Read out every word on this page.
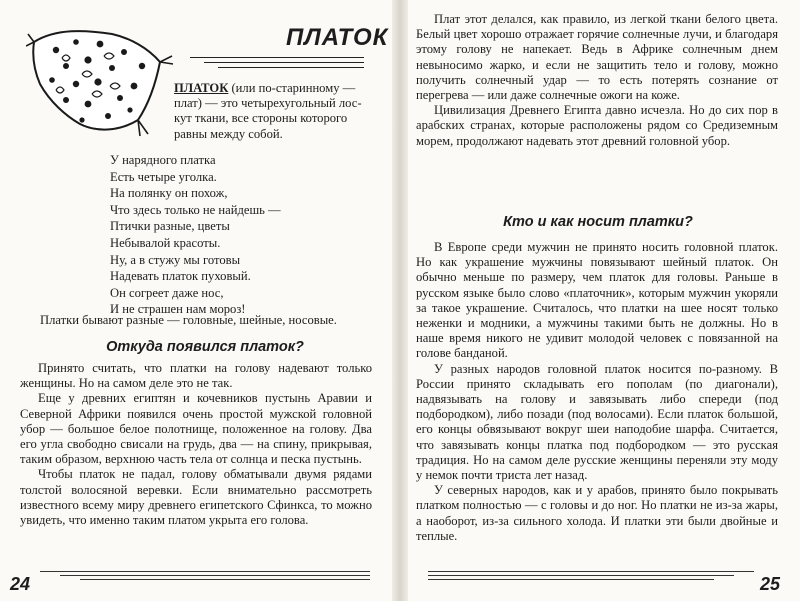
ПЛАТОК

ПЛАТОК (или по-старинному —

плат) — это четырехугольный лос-

кут ткани, все стороны которого

равны между собой.

У нарядного платка
Есть четыре уголка.
На полянку он похож,
Что здесь только не найдешь —
Птички разные, цветы
Небывалой красоты.
Ну, а в стужу мы готовы
Надевать платок пуховый.
Он согреет даже нос,
И не страшен нам мороз!

Платки бывают разные — головные, шейные, носовые.

Откуда появился платок?

Принято считать, что платки на голову надевают только женщины. Но на самом деле это не так.

Еще у древних египтян и кочевников пустынь Аравии и Северной Африки появился очень простой мужской головной убор — большое белое полотнище, положенное на голову. Два его угла свободно свисали на грудь, два — на спину, прикрывая, таким образом, верхнюю часть тела от солнца и песка пустынь.

Чтобы платок не падал, голову обматывали двумя рядами толстой волосяной веревки. Если внимательно рассмотреть известного всему миру древнего египетского Сфинкса, то можно увидеть, что именно таким платом укрыта его голова.

24

Плат этот делался, как правило, из легкой ткани белого цвета. Белый цвет хорошо отражает горячие солнечные лучи, и благодаря этому голову не напекает. Ведь в Африке солнечным днем невыносимо жарко, и если не защитить тело и голову, можно получить солнечный удар — то есть потерять сознание от перегрева — или даже солнечные ожоги на коже.

Цивилизация Древнего Египта давно исчезла. Но до сих пор в арабских странах, которые расположены рядом со Средиземным морем, продолжают надевать этот древний головной убор.

Кто и как носит платки?

В Европе среди мужчин не принято носить головной платок. Но как украшение мужчины повязывают шейный платок. Он обычно меньше по размеру, чем платок для головы. Раньше в русском языке было слово «платочник», которым мужчин укоряли за такое украшение. Считалось, что платки на шее носят только неженки и модники, а мужчины такими быть не должны. Но в наше время никого не удивит молодой человек с повязанной на голове банданой.

У разных народов головной платок носится по-разному. В России принято складывать его пополам (по диагонали), надвязывать на голову и завязывать либо спереди (под подбородком), либо позади (под волосами). Если платок большой, его концы обвязывают вокруг шеи наподобие шарфа. Считается, что завязывать концы платка под подбородком — это русская традиция. Но на самом деле русские женщины переняли эту моду у немок почти триста лет назад.

У северных народов, как и у арабов, принято было покрывать платком полностью — с головы и до ног. Но платки не из-за жары, а наоборот, из-за сильного холода. И платки эти были двойные и теплые.

25
